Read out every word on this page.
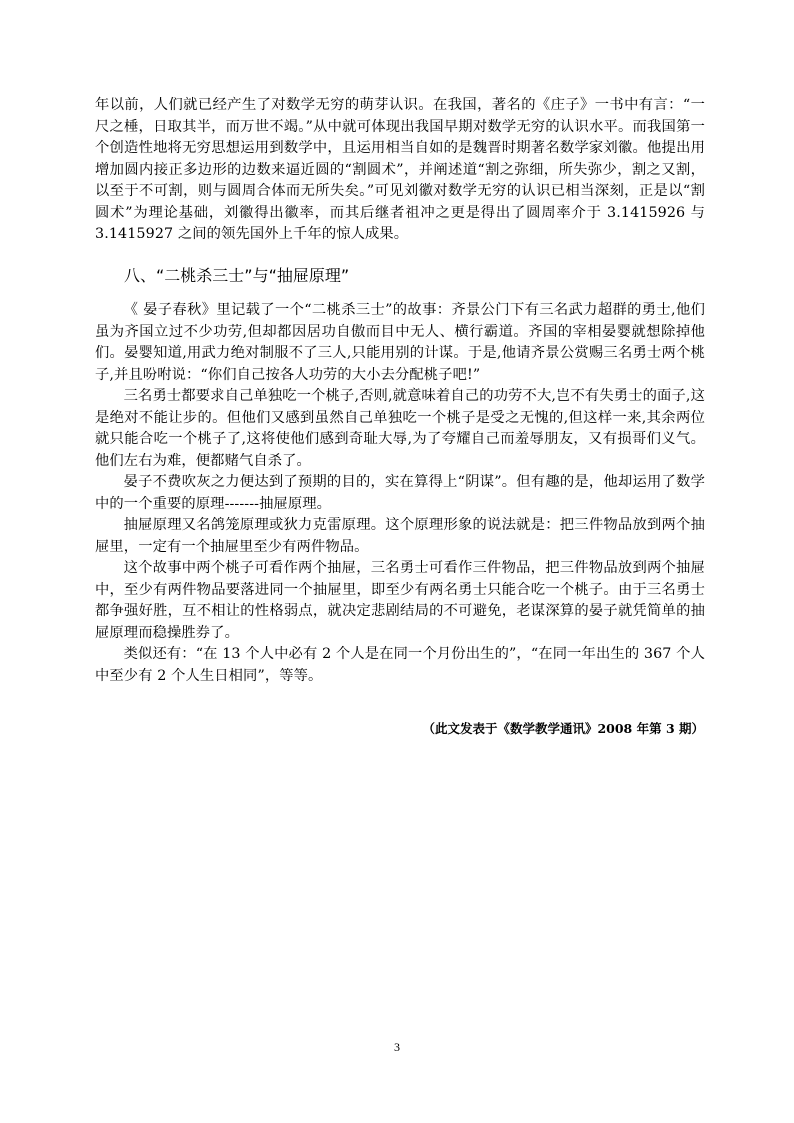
年以前，人们就已经产生了对数学无穷的萌芽认识。在我国，著名的《庄子》一书中有言：“一尺之棰，日取其半，而万世不竭。”从中就可体现出我国早期对数学无穷的认识水平。而我国第一个创造性地将无穷思想运用到数学中，且运用相当自如的是魏晋时期著名数学家刘徽。他提出用增加圆内接正多边形的边数来逼近圆的“割圆术”，并阐述道“割之弥细，所失弥少，割之又割，以至于不可割，则与圆周合体而无所失矣。”可见刘徽对数学无穷的认识已相当深刻，正是以“割圆术”为理论基础，刘徽得出徽率，而其后继者祖冲之更是得出了圆周率介于 3.1415926 与 3.1415927 之间的领先国外上千年的惊人成果。

八、“二桃杀三士”与“抽屉原理”

《 晏子春秋》里记载了一个“二桃杀三士”的故事：齐景公门下有三名武力超群的勇士,他们虽为齐国立过不少功劳,但却都因居功自傲而目中无人、横行霸道。齐国的宰相晏婴就想除掉他们。晏婴知道,用武力绝对制服不了三人,只能用别的计谋。于是,他请齐景公赏赐三名勇士两个桃子,并且吩咐说：“你们自己按各人功劳的大小去分配桃子吧!”

三名勇士都要求自己单独吃一个桃子,否则,就意味着自己的功劳不大,岂不有失勇士的面子,这是绝对不能让步的。但他们又感到虽然自己单独吃一个桃子是受之无愧的,但这样一来,其余两位就只能合吃一个桃子了,这将使他们感到奇耻大辱,为了夸耀自己而羞辱朋友，又有损哥们义气。他们左右为难，便都赌气自杀了。

晏子不费吹灰之力便达到了预期的目的，实在算得上“阴谋”。但有趣的是，他却运用了数学中的一个重要的原理-------抽屉原理。

抽屉原理又名鸽笼原理或狄力克雷原理。这个原理形象的说法就是：把三件物品放到两个抽屉里，一定有一个抽屉里至少有两件物品。

这个故事中两个桃子可看作两个抽屉，三名勇士可看作三件物品，把三件物品放到两个抽屉中，至少有两件物品要落进同一个抽屉里，即至少有两名勇士只能合吃一个桃子。由于三名勇士都争强好胜，互不相让的性格弱点，就决定悲剧结局的不可避免，老谋深算的晏子就凭简单的抽屉原理而稳操胜券了。

类似还有：“在 13 个人中必有 2 个人是在同一个月份出生的”，“在同一年出生的 367 个人中至少有 2 个人生日相同”，等等。

（此文发表于《数学教学通讯》2008 年第 3 期）

3
